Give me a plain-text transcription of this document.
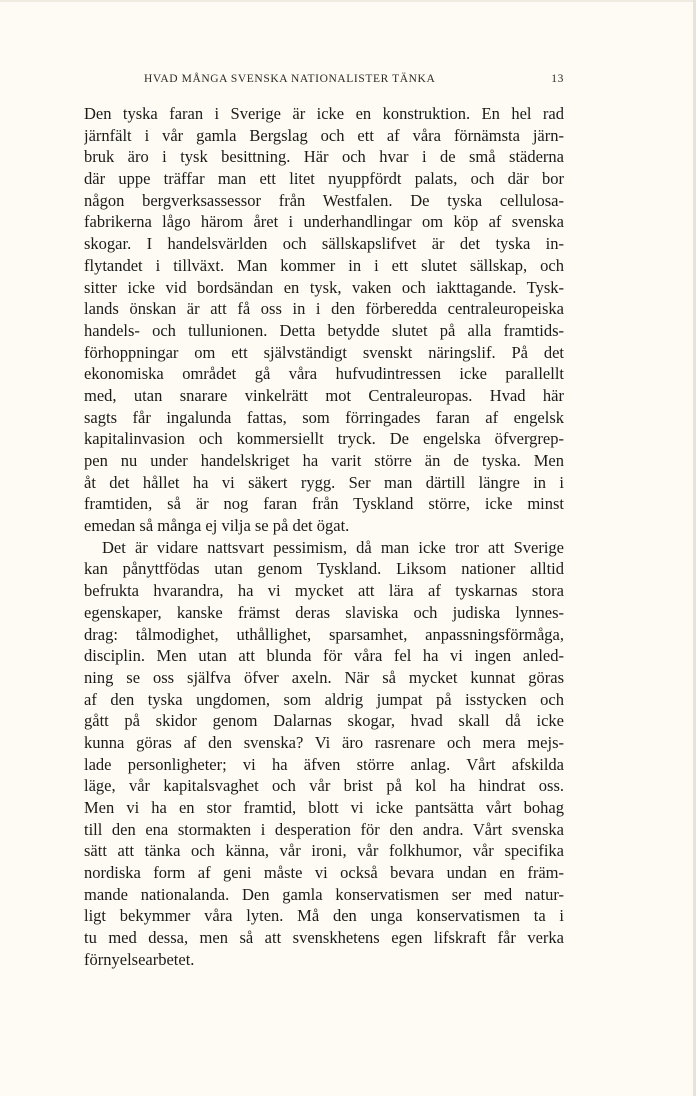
HVAD MÅNGA SVENSKA NATIONALISTER TÄNKA	13
Den tyska faran i Sverige är icke en konstruktion. En hel rad
järnfält i vår gamla Bergslag och ett af våra förnämsta järn-
bruk äro i tysk besittning. Här och hvar i de små städerna
där uppe träffar man ett litet nyuppfördt palats, och där bor
någon bergverksassessor från Westfalen. De tyska cellulosa-
fabrikerna lågo härom året i underhandlingar om köp af svenska
skogar. I handelsvärlden och sällskapslifvet är det tyska in-
flytandet i tillväxt. Man kommer in i ett slutet sällskap, och
sitter icke vid bordsändan en tysk, vaken och iakttagande. Tysk-
lands önskan är att få oss in i den förberedda centraleuropeiska
handels- och tullunionen. Detta betydde slutet på alla framtids-
förhoppningar om ett självständigt svenskt näringslif. På det
ekonomiska området gå våra hufvudintressen icke parallellt
med, utan snarare vinkelrätt mot Centraleuropas. Hvad här
sagts får ingalunda fattas, som förringades faran af engelsk
kapitalinvasion och kommersiellt tryck. De engelska öfvergrep-
pen nu under handelskriget ha varit större än de tyska. Men
åt det hållet ha vi säkert rygg. Ser man därtill längre in i
framtiden, så är nog faran från Tyskland större, icke minst
emedan så många ej vilja se på det ögat.
Det är vidare nattsvart pessimism, då man icke tror att Sverige
kan pånyttfödas utan genom Tyskland. Liksom nationer alltid
befrukta hvarandra, ha vi mycket att lära af tyskarnas stora
egenskaper, kanske främst deras slaviska och judiska lynnes-
drag: tålmodighet, uthållighet, sparsamhet, anpassningsförmåga,
disciplin. Men utan att blunda för våra fel ha vi ingen anled-
ning se oss själfva öfver axeln. När så mycket kunnat göras
af den tyska ungdomen, som aldrig jumpat på isstycken och
gått på skidor genom Dalarnas skogar, hvad skall då icke
kunna göras af den svenska? Vi äro rasrenare och mera mejs-
lade personligheter; vi ha äfven större anlag. Vårt afskilda
läge, vår kapitalsvaghet och vår brist på kol ha hindrat oss.
Men vi ha en stor framtid, blott vi icke pantsätta vårt bohag
till den ena stormakten i desperation för den andra. Vårt svenska
sätt att tänka och känna, vår ironi, vår folkhumor, vår specifika
nordiska form af geni måste vi också bevara undan en främ-
mande nationalanda. Den gamla konservatismen ser med natur-
ligt bekymmer våra lyten. Må den unga konservatismen ta i
tu med dessa, men så att svenskhetens egen lifskraft får verka
förnyelsearbetet.
